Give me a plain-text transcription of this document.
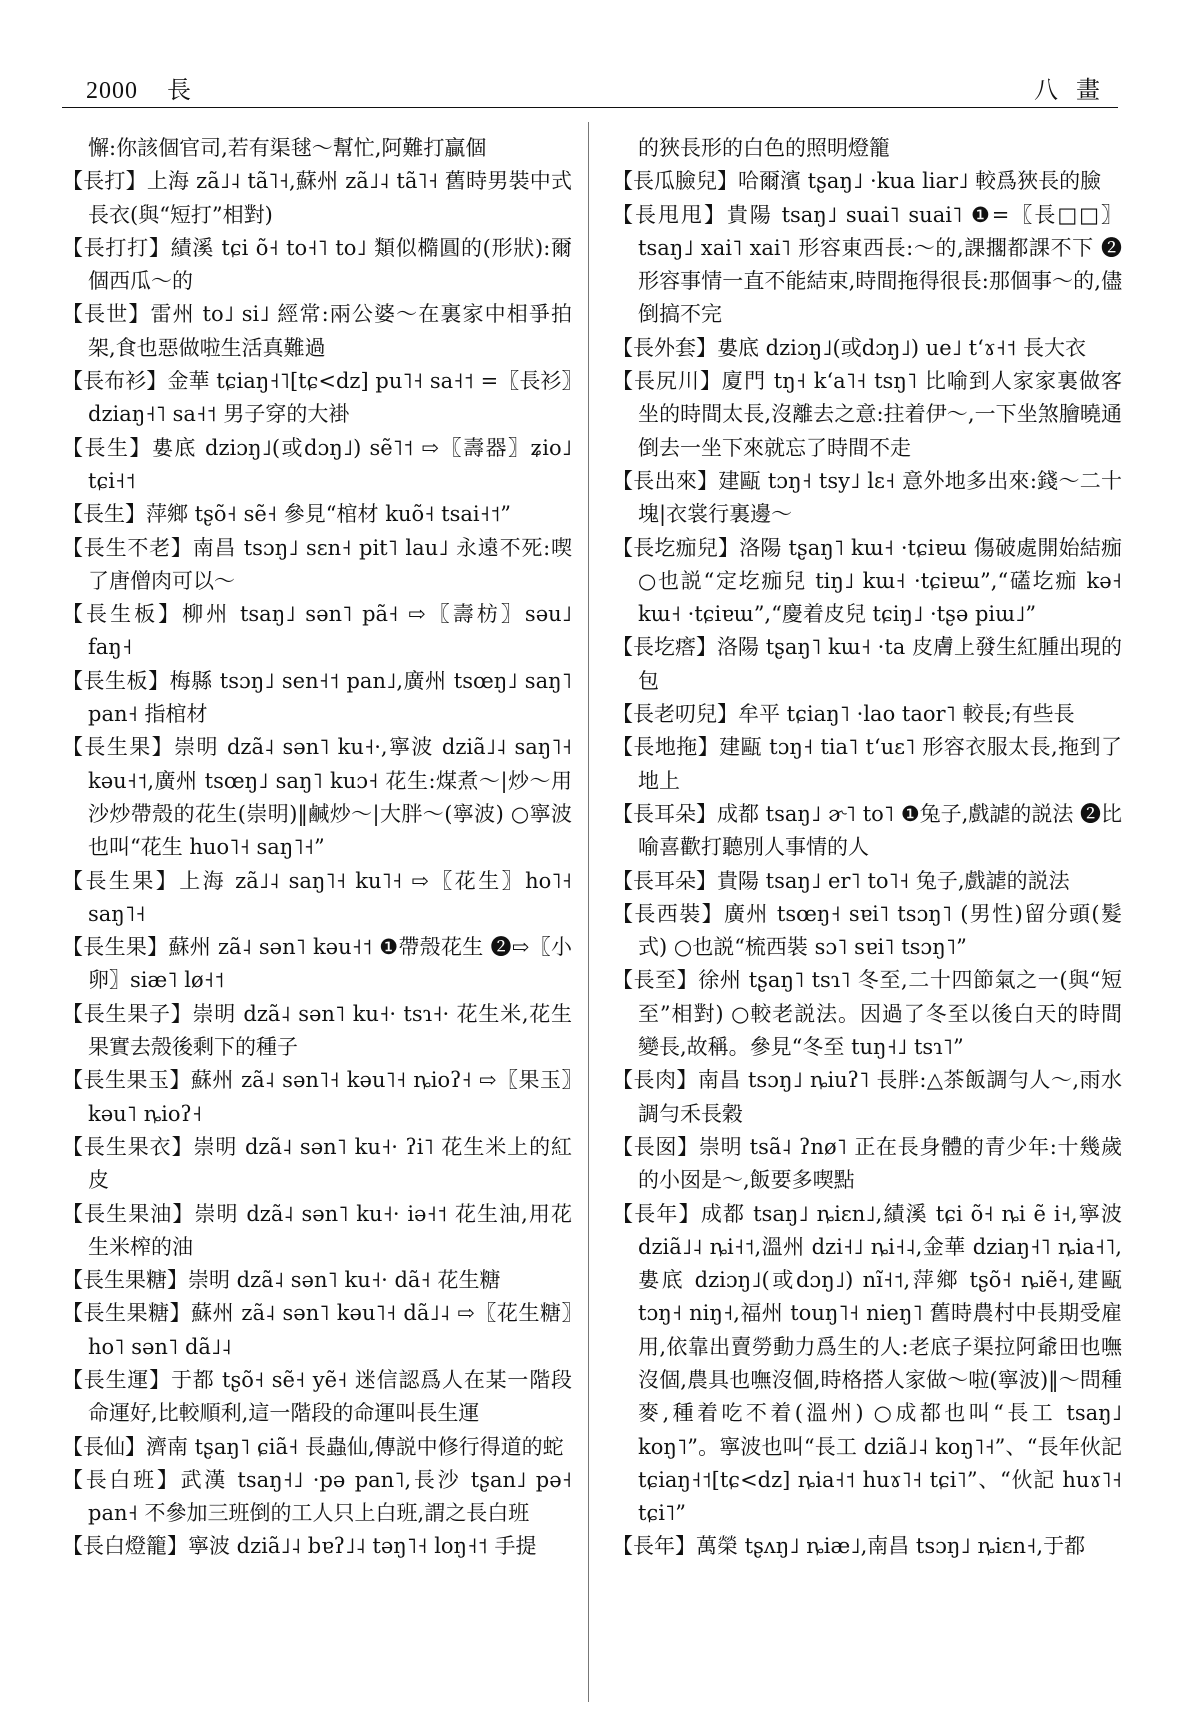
2000 長	八畫
懈:你該個官司,若有渠毬～幫忙,阿難打贏個
【長打】上海 zã˩˨ tã˥˧,蘇州 zã˩˨ tã˥˧ 舊時男裝中式長衣(與“短打”相對)
【長打打】績溪 tɕi õ˧ to˧˥ to˩ 類似橢圓的(形狀):爾個西瓜～的
【長世】雷州 to˩ si˩ 經常:兩公婆～在裏家中相爭拍架,食也惡做啦生活真難過
【長布衫】金華 tɕiaŋ˧˥[tɕ<dz] pu˥˧ sa˧˦ =〖長衫〗dziaŋ˧˥ sa˧˦ 男子穿的大褂
【長生】婁底 dziɔŋ˩(或dɔŋ˩) sẽ˥˦ ⇨〖壽器〗ʑio˩ tɕi˧˦
【長生】萍鄉 tʂõ˧ sẽ˧ 參見“棺材 kuõ˧ tsai˧˦”
【長生不老】南昌 tsɔŋ˩ sɛn˧ pit˥ lau˩ 永遠不死:喫了唐僧肉可以～
【長生板】柳州 tsaŋ˩ sən˥ pã˧ ⇨〖壽枋〗səu˩ faŋ˧
【長生板】梅縣 tsɔŋ˩ sen˧˦ pan˩,廣州 tsœŋ˩ saŋ˥ pan˧ 指棺材
【長生果】崇明 dzã˨ sən˥ ku˧·,寧波 dziã˩˨ saŋ˥˧ kəu˧˦,廣州 tsœŋ˩ saŋ˥ kuɔ˧ 花生:煤煮～|炒～用沙炒帶殼的花生(崇明)‖鹹炒～|大胖～(寧波) ○寧波也叫“花生 huo˥˧ saŋ˥˧”
【長生果】上海 zã˩˨ saŋ˥˧ ku˥˧ ⇨〖花生〗ho˥˧ saŋ˥˧
【長生果】蘇州 zã˨ sən˥ kəu˧˦ ❶帶殼花生 ❷⇨〖小卵〗siæ˥ lø˧˦
【長生果子】崇明 dzã˨ sən˥ ku˧· tsɿ˧· 花生米,花生果實去殼後剩下的種子
【長生果玉】蘇州 zã˨ sən˥˧ kəu˥˧ ȵioʔ˧ ⇨〖果玉〗kəu˥ ȵioʔ˧
【長生果衣】崇明 dzã˨ sən˥ ku˧· ʔi˥ 花生米上的紅皮
【長生果油】崇明 dzã˨ sən˥ ku˧· iə˧˦ 花生油,用花生米榨的油
【長生果糖】崇明 dzã˨ sən˥ ku˧· dã˧ 花生糖
【長生果糖】蘇州 zã˨ sən˥ kəu˥˧ dã˩˨ ⇨〖花生糖〗ho˥ sən˥ dã˩˨
【長生運】于都 tʂõ˧ sẽ˧ yẽ˧ 迷信認爲人在某一階段命運好,比較順利,這一階段的命運叫長生運
【長仙】濟南 tʂaŋ˥ ɕiã˧ 長蟲仙,傳説中修行得道的蛇
【長白班】武漢 tsaŋ˧˩ ·pə pan˥,長沙 tʂan˩ pə˧ pan˧ 不參加三班倒的工人只上白班,謂之長白班
【長白燈籠】寧波 dziã˩˨ bɐʔ˩˨ təŋ˥˧ loŋ˧˦ 手提
的狹長形的白色的照明燈籠
【長瓜臉兒】哈爾濱 tʂaŋ˩ ·kua liar˩ 較爲狹長的臉
【長甩甩】貴陽 tsaŋ˩ suai˥ suai˥ ❶=〖長□□〗tsaŋ˩ xai˥ xai˥ 形容東西長:～的,課擱都課不下 ❷形容事情一直不能結束,時間拖得很長:那個事～的,儘倒搞不完
【長外套】婁底 dziɔŋ˩(或dɔŋ˩) ue˩ tʻɤ˧˦ 長大衣
【長尻川】廈門 tŋ˧ kʻa˥˧ tsŋ˥ 比喻到人家家裏做客坐的時間太長,沒離去之意:拄着伊～,一下坐煞膾曉通倒去一坐下來就忘了時間不走
【長出來】建甌 tɔŋ˧ tsy˩ lɛ˧ 意外地多出來:錢～二十塊|衣裳行裏邊～
【長圪痂兒】洛陽 tʂaŋ˥ kɯ˧ ·tɕiɐɯ 傷破處開始結痂 ○也説“定圪痂兒 tiŋ˩ kɯ˧ ·tɕiɐɯ”,“礚圪痂 kə˧ kɯ˧ ·tɕiɐɯ”,“慶着皮兒 tɕiŋ˩ ·tʂə piɯ˩”
【長圪瘩】洛陽 tʂaŋ˥ kɯ˧ ·ta 皮膚上發生紅腫出現的包
【長老叨兒】牟平 tɕiaŋ˥ ·lao taor˥ 較長;有些長
【長地拖】建甌 tɔŋ˧ tia˥ tʻuɛ˥ 形容衣服太長,拖到了地上
【長耳朵】成都 tsaŋ˩ ɚ˥ to˥ ❶兔子,戲謔的説法 ❷比喻喜歡打聽別人事情的人
【長耳朵】貴陽 tsaŋ˩ er˥ to˥˧ 兔子,戲謔的説法
【長西裝】廣州 tsœŋ˧ sɐi˥ tsɔŋ˥ (男性)留分頭(髮式) ○也説“梳西裝 sɔ˥ sɐi˥ tsɔŋ˥”
【長至】徐州 tʂaŋ˥ tsɿ˥ 冬至,二十四節氣之一(與“短至”相對) ○較老説法。因過了冬至以後白天的時間變長,故稱。參見“冬至 tuŋ˧˩ tsɿ˥”
【長肉】南昌 tsɔŋ˩ ȵiuʔ˥ 長胖:△茶飯調勻人～,雨水調勻禾長穀
【長囡】崇明 tsã˨ ʔnø˥ 正在長身體的青少年:十幾歲的小囡是～,飯要多喫點
【長年】成都 tsaŋ˩ ȵiɛn˩,績溪 tɕi õ˧ ȵi ẽ i˧,寧波 dziã˩˨ ȵi˧˦,溫州 dzi˧˩ ȵi˧˨,金華 dziaŋ˧˥ ȵia˧˥,婁底 dziɔŋ˩(或dɔŋ˩) nĩ˧˦,萍鄉 tʂõ˧ ȵiẽ˧,建甌 tɔŋ˧ niŋ˧,福州 touŋ˥˧ nieŋ˥ 舊時農村中長期受雇用,依靠出賣勞動力爲生的人:老底子渠拉阿爺田也嘸沒個,農具也嘸沒個,時格搭人家做～啦(寧波)‖～問種麥,種着吃不着(溫州) ○成都也叫“長工 tsaŋ˩ koŋ˥”。寧波也叫“長工 dziã˩˨ koŋ˥˧”、“長年伙記 tɕiaŋ˧˦[tɕ<dz] ȵia˧˦ huɤ˥˧ tɕi˥”、“伙記 huɤ˥˧ tɕi˥”
【長年】萬榮 tʂʌŋ˩ ȵiæ˩,南昌 tsɔŋ˩ ȵiɛn˧,于都
